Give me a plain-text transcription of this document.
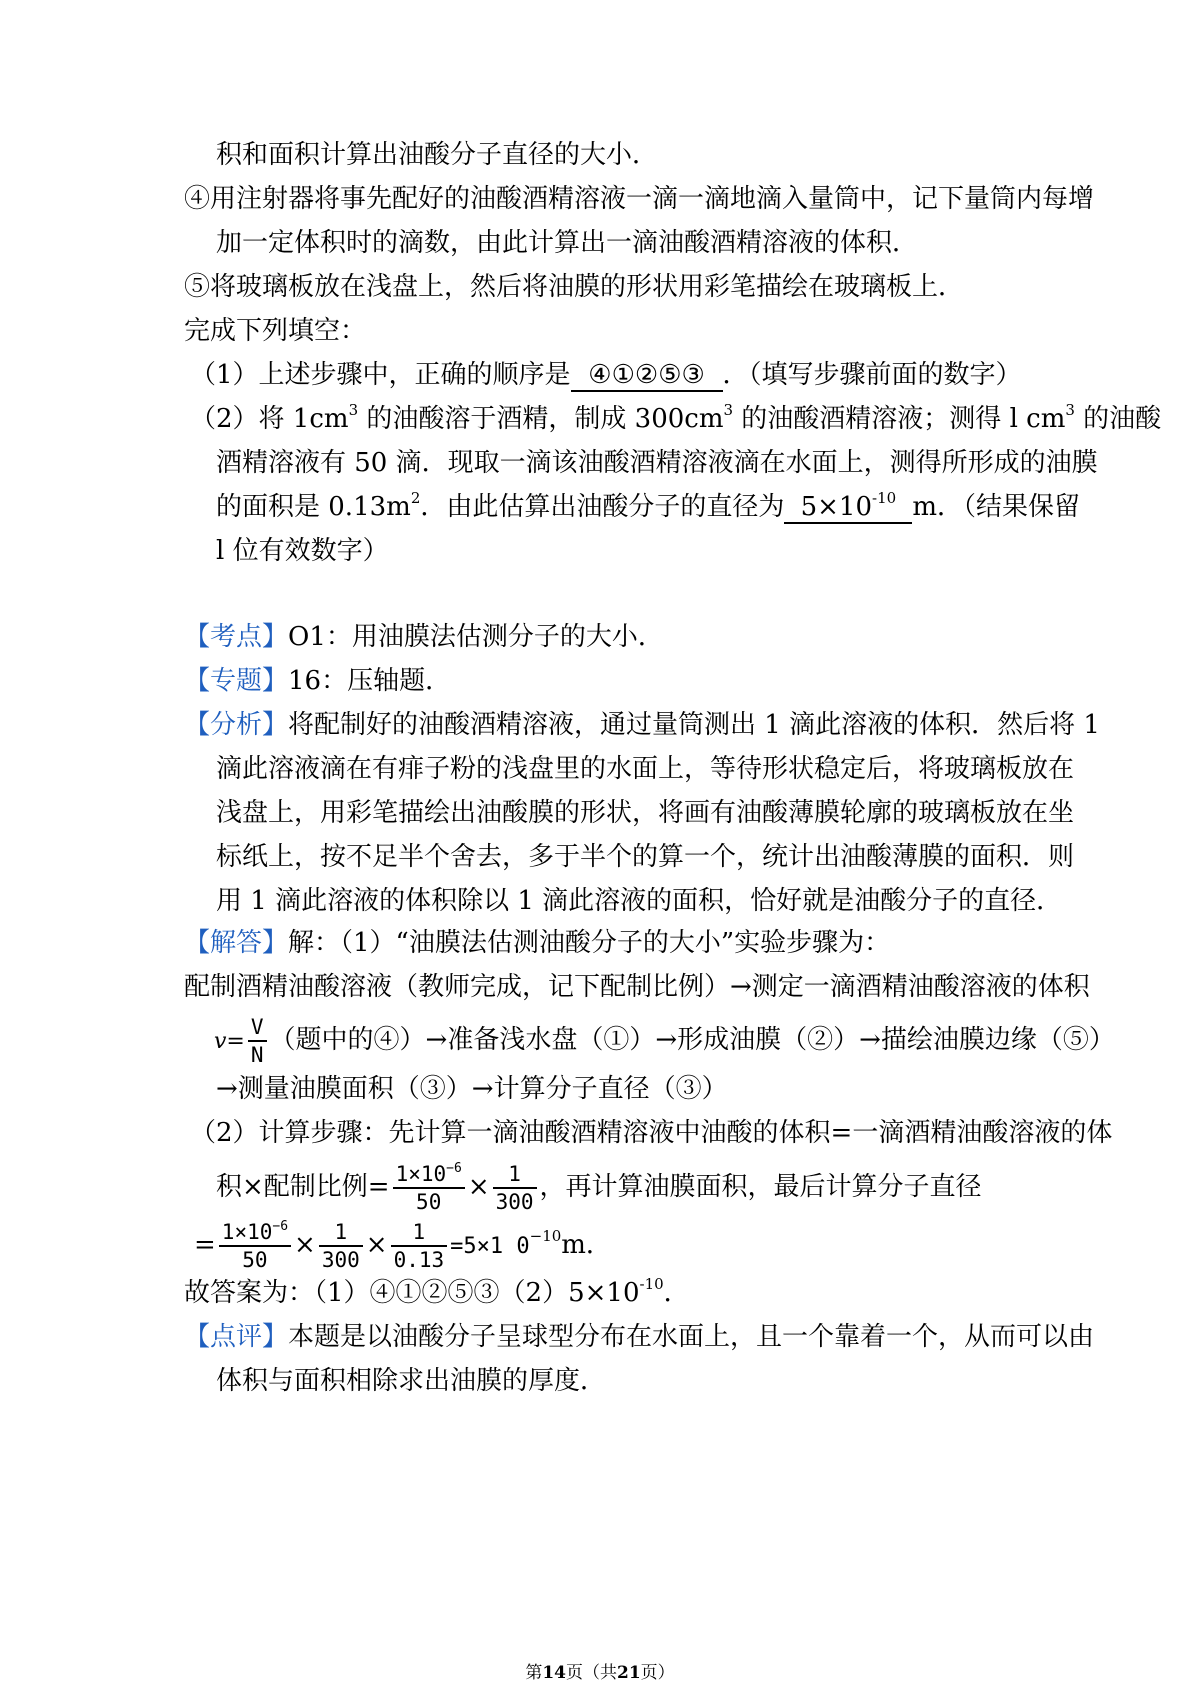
积和面积计算出油酸分子直径的大小．
④用注射器将事先配好的油酸酒精溶液一滴一滴地滴入量筒中，记下量筒内每增
加一定体积时的滴数，由此计算出一滴油酸酒精溶液的体积．
⑤将玻璃板放在浅盘上，然后将油膜的形状用彩笔描绘在玻璃板上．
完成下列填空：
（1）上述步骤中，正确的顺序是 ④①②⑤③ ．（填写步骤前面的数字）
（2）将 $1cm^3$ 的油酸溶于酒精，制成 $300cm^3$ 的油酸酒精溶液；测得 l $cm^3$ 的油酸
酒精溶液有 50 滴．现取一滴该油酸酒精溶液滴在水面上，测得所形成的油膜
的面积是 $0.13m^2$．由此估算出油酸分子的直径为 $5\times 10^{-10}$ m．（结果保留
l 位有效数字）
【考点】O1：用油膜法估测分子的大小．
【专题】16：压轴题．
【分析】将配制好的油酸酒精溶液，通过量筒测出 1 滴此溶液的体积．然后将 1
滴此溶液滴在有痱子粉的浅盘里的水面上，等待形状稳定后，将玻璃板放在
浅盘上，用彩笔描绘出油酸膜的形状，将画有油酸薄膜轮廓的玻璃板放在坐
标纸上，按不足半个舍去，多于半个的算一个，统计出油酸薄膜的面积．则
用 1 滴此溶液的体积除以 1 滴此溶液的面积，恰好就是油酸分子的直径．
【解答】解：（1）“油膜法估测油酸分子的大小”实验步骤为：
配制酒精油酸溶液（教师完成，记下配制比例）→测定一滴酒精油酸溶液的体积
$v= \frac{V}{N}$ （题中的④）→准备浅水盘（①）→形成油膜（②）→描绘油膜边缘（⑤）
→测量油膜面积（③）→计算分子直径（③）
（2）计算步骤：先计算一滴油酸酒精溶液中油酸的体积=一滴酒精油酸溶液的体
积×配制比例= $\frac{1\times 10^{-6}}{50} \times \frac{1}{300}$ ，再计算油膜面积，最后计算分子直径
= $\frac{1\times 10^{-6}}{50} \times \frac{1}{300} \times \frac{1}{0.13} =5\times 1$ $0^{-10}m$．
故答案为：$(1)④①②⑤③(2)5\times 10^{-10}$．
【点评】本题是以油酸分子呈球型分布在水面上，且一个靠着一个，从而可以由
体积与面积相除求出油膜的厚度．
第14页（共21页）
